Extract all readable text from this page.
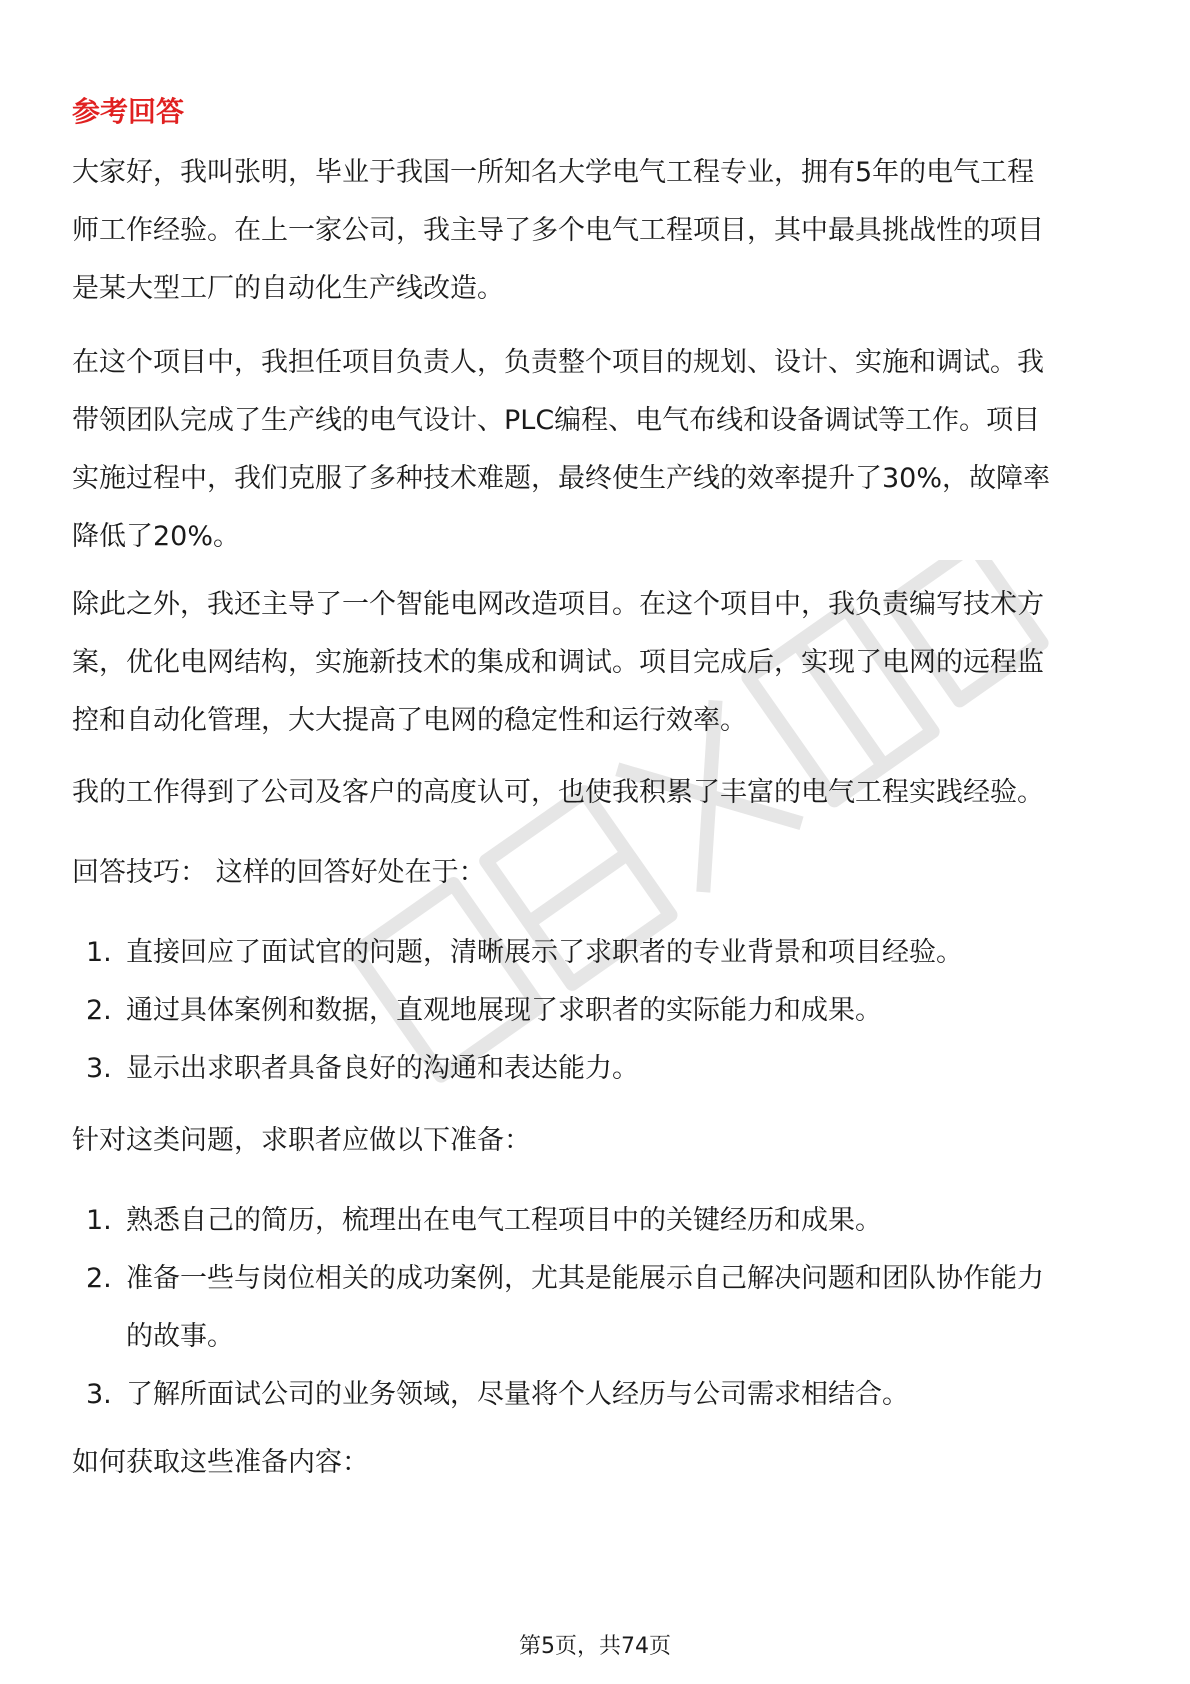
参考回答

大家好，我叫张明，毕业于我国一所知名大学电气工程专业，拥有5年的电气工程
师工作经验。在上一家公司，我主导了多个电气工程项目，其中最具挑战性的项目
是某大型工厂的自动化生产线改造。

在这个项目中，我担任项目负责人，负责整个项目的规划、设计、实施和调试。我
带领团队完成了生产线的电气设计、PLC编程、电气布线和设备调试等工作。项目
实施过程中，我们克服了多种技术难题，最终使生产线的效率提升了30%，故障率
降低了20%。

除此之外，我还主导了一个智能电网改造项目。在这个项目中，我负责编写技术方
案，优化电网结构，实施新技术的集成和调试。项目完成后，实现了电网的远程监
控和自动化管理，大大提高了电网的稳定性和运行效率。

我的工作得到了公司及客户的高度认可，也使我积累了丰富的电气工程实践经验。

回答技巧： 这样的回答好处在于：

1. 直接回应了面试官的问题，清晰展示了求职者的专业背景和项目经验。
2. 通过具体案例和数据，直观地展现了求职者的实际能力和成果。
3. 显示出求职者具备良好的沟通和表达能力。

针对这类问题，求职者应做以下准备：

1. 熟悉自己的简历，梳理出在电气工程项目中的关键经历和成果。
2. 准备一些与岗位相关的成功案例，尤其是能展示自己解决问题和团队协作能力
的故事。
3. 了解所面试公司的业务领域，尽量将个人经历与公司需求相结合。

如何获取这些准备内容：

第5页，共74页
